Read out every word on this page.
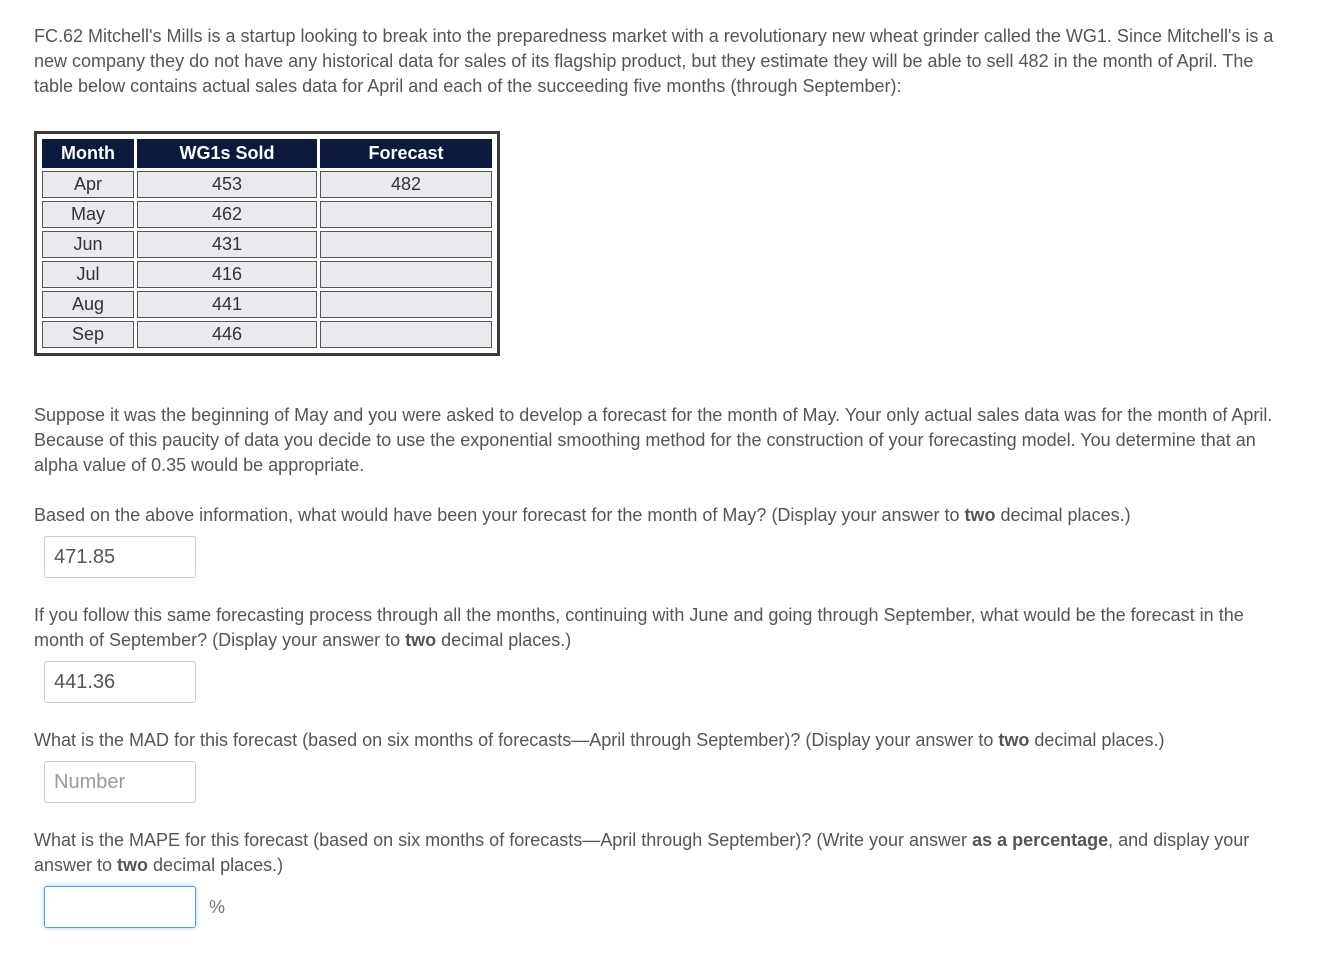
FC.62 Mitchell's Mills is a startup looking to break into the preparedness market with a revolutionary new wheat grinder called the WG1. Since Mitchell's is a new company they do not have any historical data for sales of its flagship product, but they estimate they will be able to sell 482 in the month of April. The table below contains actual sales data for April and each of the succeeding five months (through September):

Month	WG1s Sold	Forecast
Apr	453	482
May	462	
Jun	431	
Jul	416	
Aug	441	
Sep	446	

Suppose it was the beginning of May and you were asked to develop a forecast for the month of May. Your only actual sales data was for the month of April. Because of this paucity of data you decide to use the exponential smoothing method for the construction of your forecasting model. You determine that an alpha value of 0.35 would be appropriate.

Based on the above information, what would have been your forecast for the month of May? (Display your answer to two decimal places.)

471.85

If you follow this same forecasting process through all the months, continuing with June and going through September, what would be the forecast in the month of September? (Display your answer to two decimal places.)

441.36

What is the MAD for this forecast (based on six months of forecasts—April through September)? (Display your answer to two decimal places.)

Number

What is the MAPE for this forecast (based on six months of forecasts—April through September)? (Write your answer as a percentage, and display your answer to two decimal places.)

%
